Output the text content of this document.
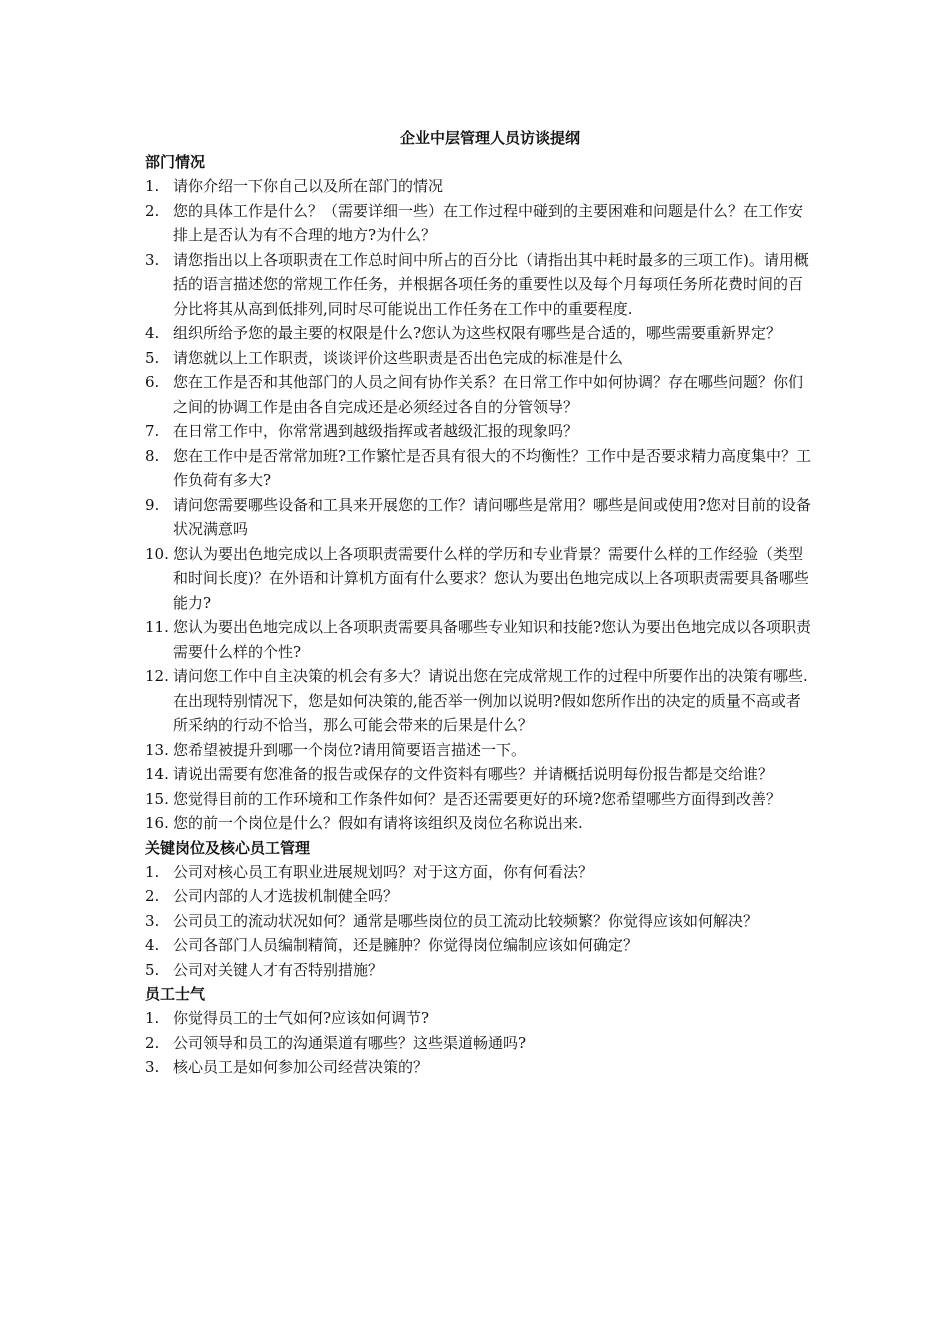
企业中层管理人员访谈提纲
部门情况
1. 请你介绍一下你自己以及所在部门的情况
2. 您的具体工作是什么？（需要详细一些）在工作过程中碰到的主要困难和问题是什么？在工作安排上是否认为有不合理的地方?为什么？
3. 请您指出以上各项职责在工作总时间中所占的百分比（请指出其中耗时最多的三项工作)。请用概括的语言描述您的常规工作任务，并根据各项任务的重要性以及每个月每项任务所花费时间的百分比将其从高到低排列,同时尽可能说出工作任务在工作中的重要程度.
4. 组织所给予您的最主要的权限是什么?您认为这些权限有哪些是合适的，哪些需要重新界定？
5. 请您就以上工作职责，谈谈评价这些职责是否出色完成的标准是什么
6. 您在工作是否和其他部门的人员之间有协作关系？在日常工作中如何协调？存在哪些问题？你们之间的协调工作是由各自完成还是必须经过各自的分管领导？
7. 在日常工作中，你常常遇到越级指挥或者越级汇报的现象吗？
8. 您在工作中是否常常加班?工作繁忙是否具有很大的不均衡性？工作中是否要求精力高度集中？工作负荷有多大?
9. 请问您需要哪些设备和工具来开展您的工作？请问哪些是常用？哪些是间或使用?您对目前的设备状况满意吗
10. 您认为要出色地完成以上各项职责需要什么样的学历和专业背景？需要什么样的工作经验（类型和时间长度)？在外语和计算机方面有什么要求？您认为要出色地完成以上各项职责需要具备哪些能力?
11. 您认为要出色地完成以上各项职责需要具备哪些专业知识和技能?您认为要出色地完成以各项职责需要什么样的个性?
12. 请问您工作中自主决策的机会有多大？请说出您在完成常规工作的过程中所要作出的决策有哪些.在出现特别情况下，您是如何决策的,能否举一例加以说明?假如您所作出的决定的质量不高或者所采纳的行动不恰当，那么可能会带来的后果是什么？
13. 您希望被提升到哪一个岗位?请用简要语言描述一下。
14. 请说出需要有您准备的报告或保存的文件资料有哪些？并请概括说明每份报告都是交给谁？
15. 您觉得目前的工作环境和工作条件如何？是否还需要更好的环境?您希望哪些方面得到改善？
16. 您的前一个岗位是什么？假如有请将该组织及岗位名称说出来.
关键岗位及核心员工管理
1. 公司对核心员工有职业进展规划吗？对于这方面，你有何看法？
2. 公司内部的人才选拔机制健全吗？
3. 公司员工的流动状况如何？通常是哪些岗位的员工流动比较频繁？你觉得应该如何解决？
4. 公司各部门人员编制精简，还是臃肿？你觉得岗位编制应该如何确定？
5. 公司对关键人才有否特别措施？
员工士气
1. 你觉得员工的士气如何?应该如何调节?
2. 公司领导和员工的沟通渠道有哪些？这些渠道畅通吗?
3. 核心员工是如何参加公司经营决策的？
